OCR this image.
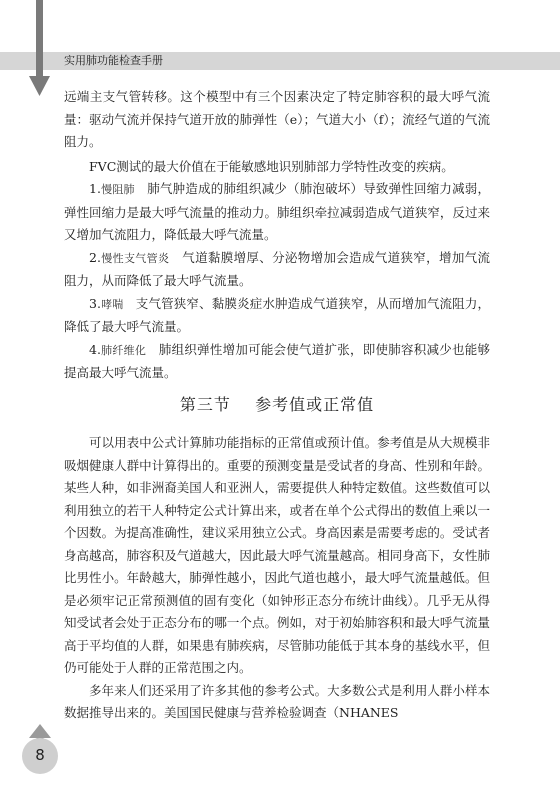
实用肺功能检查手册

远端主支气管转移。这个模型中有三个因素决定了特定肺容积的最大呼气流量：驱动气流并保持气道开放的肺弹性（e）；气道大小（f）；流经气道的气流阻力。

FVC测试的最大价值在于能敏感地识别肺部力学特性改变的疾病。

1.慢阻肺 肺气肿造成的肺组织减少（肺泡破坏）导致弹性回缩力减弱，弹性回缩力是最大呼气流量的推动力。肺组织牵拉减弱造成气道狭窄，反过来又增加气流阻力，降低最大呼气流量。

2.慢性支气管炎 气道黏膜增厚、分泌物增加会造成气道狭窄，增加气流阻力，从而降低了最大呼气流量。

3.哮喘 支气管狭窄、黏膜炎症水肿造成气道狭窄，从而增加气流阻力，降低了最大呼气流量。

4.肺纤维化 肺组织弹性增加可能会使气道扩张，即使肺容积减少也能够提高最大呼气流量。

第三节 参考值或正常值

可以用表中公式计算肺功能指标的正常值或预计值。参考值是从大规模非吸烟健康人群中计算得出的。重要的预测变量是受试者的身高、性别和年龄。某些人种，如非洲裔美国人和亚洲人，需要提供人种特定数值。这些数值可以利用独立的若干人种特定公式计算出来，或者在单个公式得出的数值上乘以一个因数。为提高准确性，建议采用独立公式。身高因素是需要考虑的。受试者身高越高，肺容积及气道越大，因此最大呼气流量越高。相同身高下，女性肺比男性小。年龄越大，肺弹性越小，因此气道也越小，最大呼气流量越低。但是必须牢记正常预测值的固有变化（如钟形正态分布统计曲线）。几乎无从得知受试者会处于正态分布的哪一个点。例如，对于初始肺容积和最大呼气流量高于平均值的人群，如果患有肺疾病，尽管肺功能低于其本身的基线水平，但仍可能处于人群的正常范围之内。

多年来人们还采用了许多其他的参考公式。大多数公式是利用人群小样本数据推导出来的。美国国民健康与营养检验调查（NHANES

8
